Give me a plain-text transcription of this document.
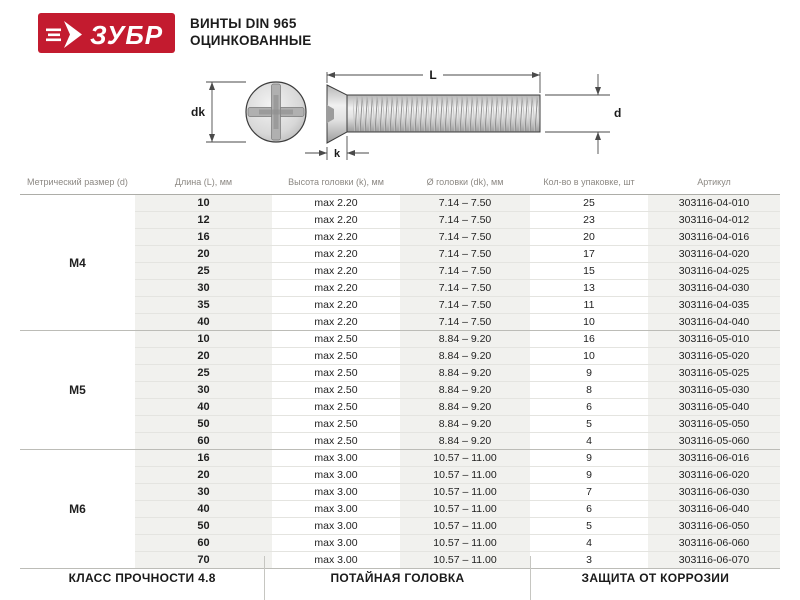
ЗУБР ВИНТЫ DIN 965
ОЦИНКОВАННЫЕ
dk
L
d
k
Метрический размер (d)	Длина (L), мм	Высота головки (k), мм	Ø головки (dk), мм	Кол-во в упаковке, шт	Артикул
M4	10	max 2.20	7.14 – 7.50	25	303116-04-010
	12	max 2.20	7.14 – 7.50	23	303116-04-012
	16	max 2.20	7.14 – 7.50	20	303116-04-016
	20	max 2.20	7.14 – 7.50	17	303116-04-020
	25	max 2.20	7.14 – 7.50	15	303116-04-025
	30	max 2.20	7.14 – 7.50	13	303116-04-030
	35	max 2.20	7.14 – 7.50	11	303116-04-035
	40	max 2.20	7.14 – 7.50	10	303116-04-040
M5	10	max 2.50	8.84 – 9.20	16	303116-05-010
	20	max 2.50	8.84 – 9.20	10	303116-05-020
	25	max 2.50	8.84 – 9.20	9	303116-05-025
	30	max 2.50	8.84 – 9.20	8	303116-05-030
	40	max 2.50	8.84 – 9.20	6	303116-05-040
	50	max 2.50	8.84 – 9.20	5	303116-05-050
	60	max 2.50	8.84 – 9.20	4	303116-05-060
M6	16	max 3.00	10.57 – 11.00	9	303116-06-016
	20	max 3.00	10.57 – 11.00	9	303116-06-020
	30	max 3.00	10.57 – 11.00	7	303116-06-030
	40	max 3.00	10.57 – 11.00	6	303116-06-040
	50	max 3.00	10.57 – 11.00	5	303116-06-050
	60	max 3.00	10.57 – 11.00	4	303116-06-060
	70	max 3.00	10.57 – 11.00	3	303116-06-070
КЛАСС ПРОЧНОСТИ 4.8	ПОТАЙНАЯ ГОЛОВКА	ЗАЩИТА ОТ КОРРОЗИИ
